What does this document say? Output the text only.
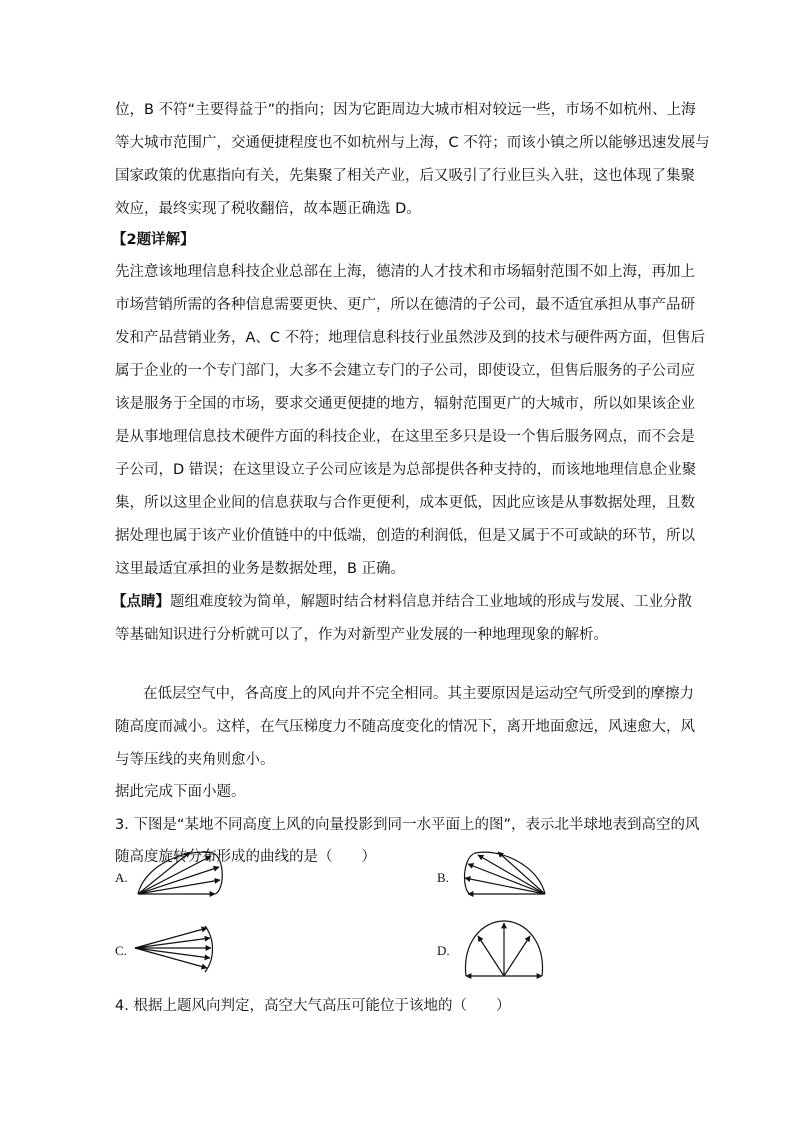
位，B 不符“主要得益于”的指向；因为它距周边大城市相对较远一些，市场不如杭州、上海
等大城市范围广，交通便捷程度也不如杭州与上海，C 不符；而该小镇之所以能够迅速发展与
国家政策的优惠指向有关，先集聚了相关产业，后又吸引了行业巨头入驻，这也体现了集聚
效应，最终实现了税收翻倍，故本题正确选 D。
【2题详解】
先注意该地理信息科技企业总部在上海，德清的人才技术和市场辐射范围不如上海，再加上
市场营销所需的各种信息需要更快、更广，所以在德清的子公司，最不适宜承担从事产品研
发和产品营销业务，A、C 不符；地理信息科技行业虽然涉及到的技术与硬件两方面，但售后
属于企业的一个专门部门，大多不会建立专门的子公司，即使设立，但售后服务的子公司应
该是服务于全国的市场，要求交通更便捷的地方，辐射范围更广的大城市，所以如果该企业
是从事地理信息技术硬件方面的科技企业，在这里至多只是设一个售后服务网点，而不会是
子公司，D 错误；在这里设立子公司应该是为总部提供各种支持的，而该地地理信息企业聚
集，所以这里企业间的信息获取与合作更便利，成本更低，因此应该是从事数据处理，且数
据处理也属于该产业价值链中的中低端，创造的利润低，但是又属于不可或缺的环节，所以
这里最适宜承担的业务是数据处理，B 正确。
【点睛】题组难度较为简单，解题时结合材料信息并结合工业地域的形成与发展、工业分散
等基础知识进行分析就可以了，作为对新型产业发展的一种地理现象的解析。
在低层空气中，各高度上的风向并不完全相同。其主要原因是运动空气所受到的摩擦力
随高度而减小。这样，在气压梯度力不随高度变化的情况下，离开地面愈远，风速愈大，风
与等压线的夹角则愈小。
据此完成下面小题。
3. 下图是“某地不同高度上风的向量投影到同一水平面上的图”，表示北半球地表到高空的风
随高度旋转分布形成的曲线的是（　　）
A.	B.
C.	D.
4. 根据上题风向判定，高空大气高压可能位于该地的（　　）
